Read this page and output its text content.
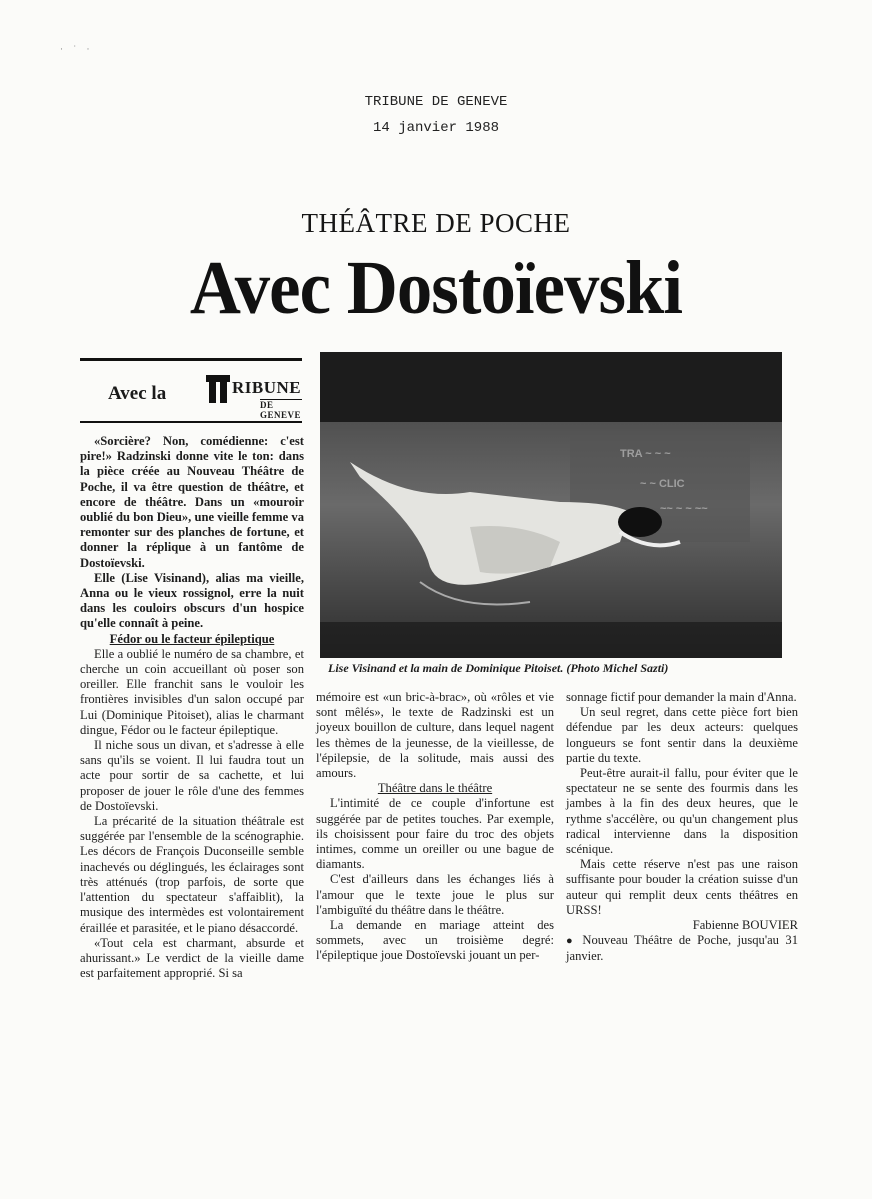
· ˙ ·
TRIBUNE DE GENEVE
14 janvier 1988
THÉÂTRE DE POCHE
Avec Dostoïevski
Avec la	RIBUNE
DE GENEVE
TRA ~ ~ ~
~ ~ CLIC
~~ ~ ~ ~~
Lise Visinand et la main de Dominique Pitoiset. (Photo Michel Sazti)

«Sorcière? Non, comédienne: c'est pire!» Radzinski donne vite le ton: dans la pièce créée au Nouveau Théâtre de Poche, il va être question de théâtre, et encore de théâtre. Dans un «mouroir oublié du bon Dieu», une vieille femme va remonter sur des planches de fortune, et donner la réplique à un fantôme de Dostoïevski.

Elle (Lise Visinand), alias ma vieille, Anna ou le vieux rossignol, erre la nuit dans les couloirs obscurs d'un hospice qu'elle connaît à peine.

Fédor ou le facteur épileptique

Elle a oublié le numéro de sa chambre, et cherche un coin accueillant où poser son oreiller. Elle franchit sans le vouloir les frontières invisibles d'un salon occupé par Lui (Dominique Pitoiset), alias le charmant dingue, Fédor ou le facteur épileptique.

Il niche sous un divan, et s'adresse à elle sans qu'ils se voient. Il lui faudra tout un acte pour sortir de sa cachette, et lui proposer de jouer le rôle d'une des femmes de Dostoïevski.

La précarité de la situation théâtrale est suggérée par l'ensemble de la scénographie. Les décors de François Duconseille semble inachevés ou déglingués, les éclairages sont très atténués (trop parfois, de sorte que l'attention du spectateur s'affaiblit), la musique des intermèdes est volontairement éraillée et parasitée, et le piano désaccordé.

«Tout cela est charmant, absurde et ahurissant.» Le verdict de la vieille dame est parfaitement approprié. Si sa

mémoire est «un bric-à-brac», où «rôles et vie sont mêlés», le texte de Radzinski est un joyeux bouillon de culture, dans lequel nagent les thèmes de la jeunesse, de la vieillesse, de l'épilepsie, de la solitude, mais aussi des amours.

Théâtre dans le théâtre

L'intimité de ce couple d'infortune est suggérée par de petites touches. Par exemple, ils choisissent pour faire du troc des objets intimes, comme un oreiller ou une bague de diamants.

C'est d'ailleurs dans les échanges liés à l'amour que le texte joue le plus sur l'ambiguïté du théâtre dans le théâtre.

La demande en mariage atteint des sommets, avec un troisième degré: l'épileptique joue Dostoïevski jouant un per-

sonnage fictif pour demander la main d'Anna.

Un seul regret, dans cette pièce fort bien défendue par les deux acteurs: quelques longueurs se font sentir dans la deuxième partie du texte.

Peut-être aurait-il fallu, pour éviter que le spectateur ne se sente des fourmis dans les jambes à la fin des deux heures, que le rythme s'accélère, ou qu'un changement plus radical intervienne dans la disposition scénique.

Mais cette réserve n'est pas une raison suffisante pour bouder la création suisse d'un auteur qui remplit deux cents théâtres en URSS!

Fabienne BOUVIER

● Nouveau Théâtre de Poche, jusqu'au 31 janvier.
